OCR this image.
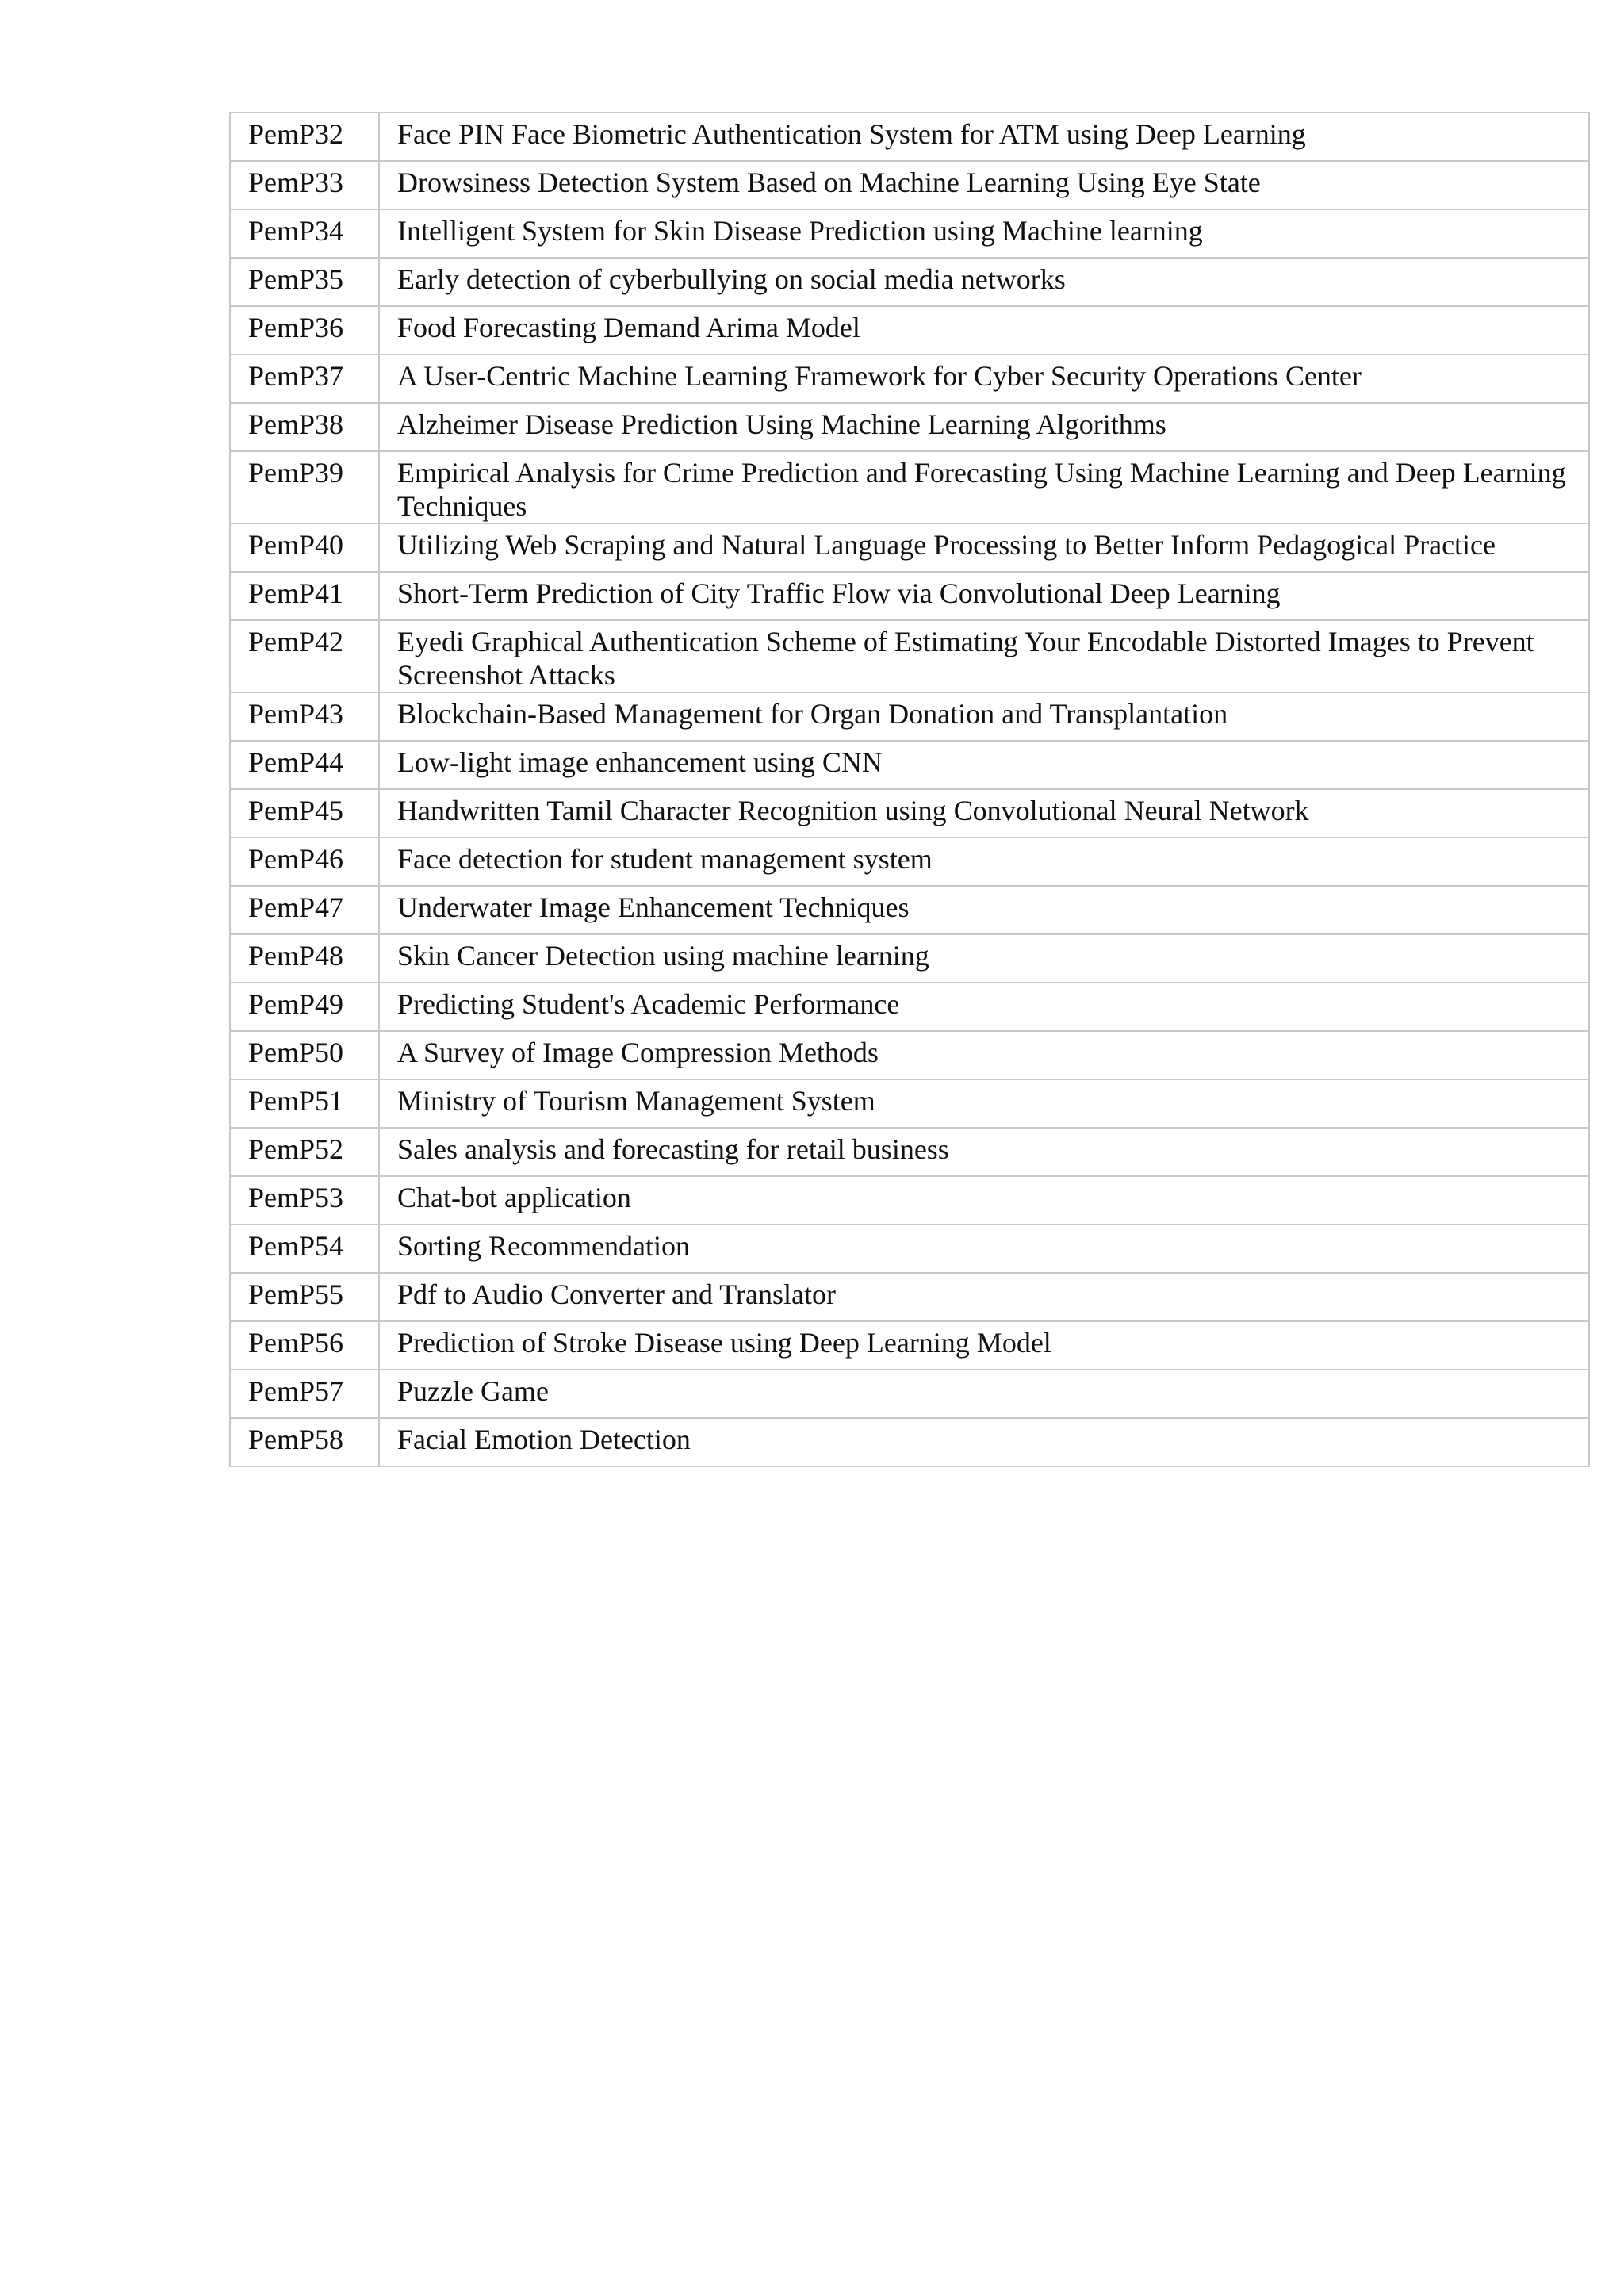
PemP32	Face PIN Face Biometric Authentication System for ATM using Deep Learning
PemP33	Drowsiness Detection System Based on Machine Learning Using Eye State
PemP34	Intelligent System for Skin Disease Prediction using Machine learning
PemP35	Early detection of cyberbullying on social media networks
PemP36	Food Forecasting Demand Arima Model
PemP37	A User-Centric Machine Learning Framework for Cyber Security Operations Center
PemP38	Alzheimer Disease Prediction Using Machine Learning Algorithms
PemP39	Empirical Analysis for Crime Prediction and Forecasting Using Machine Learning and Deep Learning Techniques
PemP40	Utilizing Web Scraping and Natural Language Processing to Better Inform Pedagogical Practice
PemP41	Short-Term Prediction of City Traffic Flow via Convolutional Deep Learning
PemP42	Eyedi Graphical Authentication Scheme of Estimating Your Encodable Distorted Images to Prevent Screenshot Attacks
PemP43	Blockchain-Based Management for Organ Donation and Transplantation
PemP44	Low-light image enhancement using CNN
PemP45	Handwritten Tamil Character Recognition using Convolutional Neural Network
PemP46	Face detection for student management system
PemP47	Underwater Image Enhancement Techniques
PemP48	Skin Cancer Detection using machine learning
PemP49	Predicting Student's Academic Performance
PemP50	A Survey of Image Compression Methods
PemP51	Ministry of Tourism Management System
PemP52	Sales analysis and forecasting for retail business
PemP53	Chat-bot application
PemP54	Sorting Recommendation
PemP55	Pdf to Audio Converter and Translator
PemP56	Prediction of Stroke Disease using Deep Learning Model
PemP57	Puzzle Game
PemP58	Facial Emotion Detection
